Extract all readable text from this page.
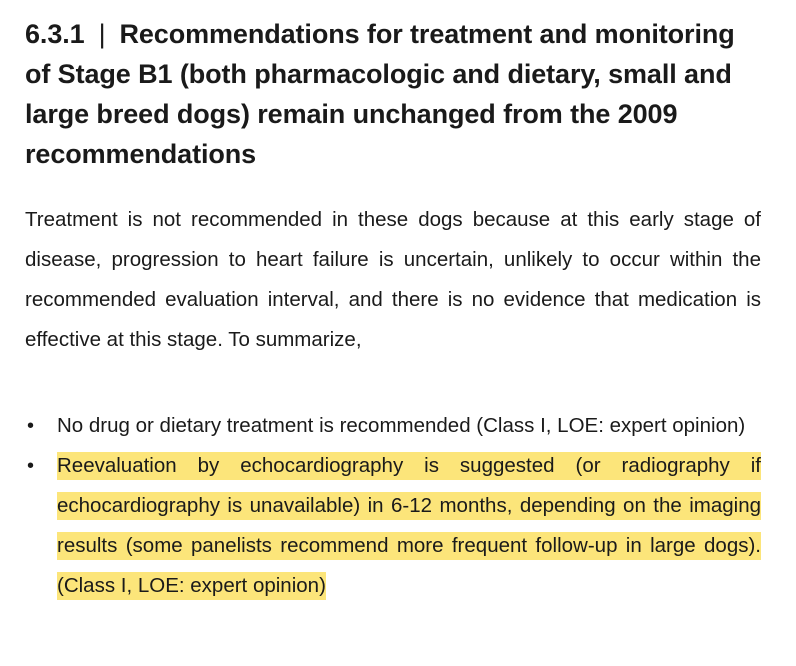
6.3.1 | Recommendations for treatment and monitoring of Stage B1 (both pharmacologic and dietary, small and large breed dogs) remain unchanged from the 2009 recommendations

Treatment is not recommended in these dogs because at this early stage of disease, progression to heart failure is uncertain, unlikely to occur within the recommended evaluation interval, and there is no evidence that medication is effective at this stage. To summarize,

• No drug or dietary treatment is recommended (Class I, LOE: expert opinion)
• Reevaluation by echocardiography is suggested (or radiography if echocardiography is unavailable) in 6-12 months, depending on the imaging results (some panelists recommend more frequent follow-up in large dogs). (Class I, LOE: expert opinion)
